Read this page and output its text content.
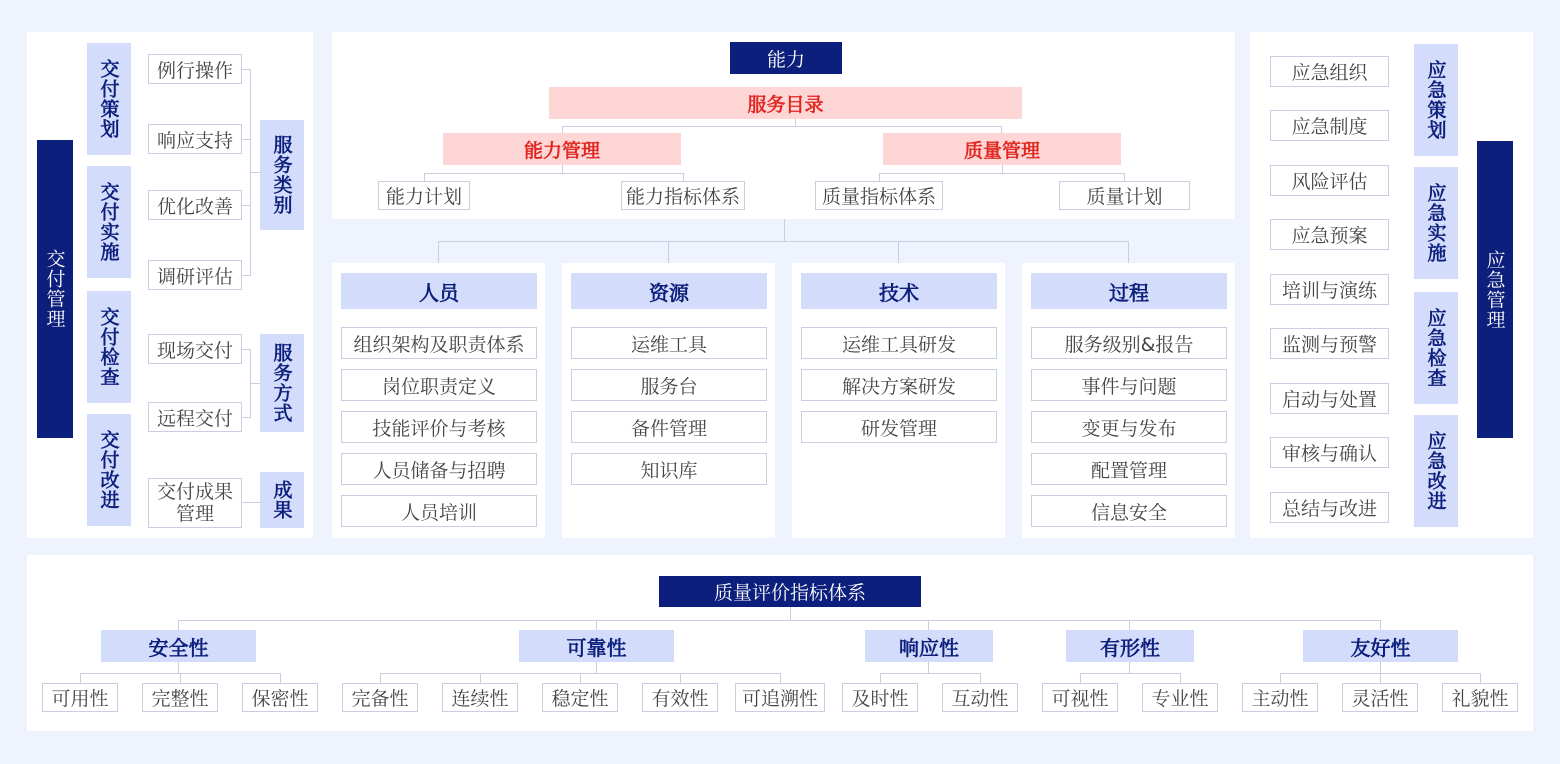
交付管理
交付策划
交付实施
交付检查
交付改进
例行操作
响应支持
优化改善
调研评估
现场交付
远程交付
交付成果管理
服务类别
服务方式
成果
能力
服务目录
能力管理	质量管理
能力计划	能力指标体系	质量指标体系	质量计划
人员
组织架构及职责体系
岗位职责定义
技能评价与考核
人员储备与招聘
人员培训
资源
运维工具
服务台
备件管理
知识库
技术
运维工具研发
解决方案研发
研发管理
过程
服务级别&报告
事件与问题
变更与发布
配置管理
信息安全
应急组织
应急制度
风险评估
应急预案
培训与演练
监测与预警
启动与处置
审核与确认
总结与改进
应急策划
应急实施
应急检查
应急改进
应急管理
质量评价指标体系
安全性	可靠性	响应性	有形性	友好性
可用性	完整性	保密性	完备性	连续性	稳定性	有效性	可追溯性	及时性	互动性	可视性	专业性	主动性	灵活性	礼貌性
